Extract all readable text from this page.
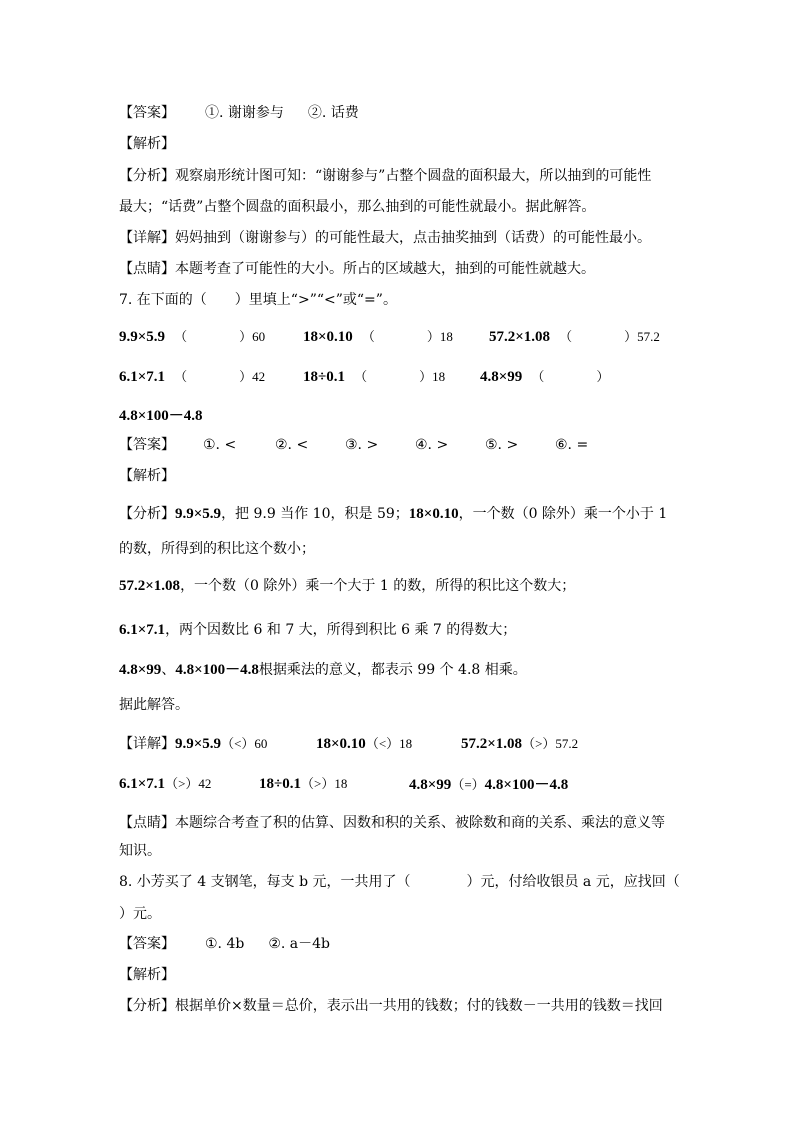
【答案】 ①. 谢谢参与 ②. 话费
【解析】
【分析】观察扇形统计图可知：“谢谢参与”占整个圆盘的面积最大，所以抽到的可能性
最大；“话费”占整个圆盘的面积最小，那么抽到的可能性就最小。据此解答。
【详解】妈妈抽到（谢谢参与）的可能性最大，点击抽奖抽到（话费）的可能性最小。
【点睛】本题考查了可能性的大小。所占的区域越大，抽到的可能性就越大。
7. 在下面的（　　）里填上“>”“<”或“=”。
9.9×5.9 （　　　　）60	18×0.10 （　　　　）18 57.2×1.08 （　　　　）57.2
6.1×7.1 （　　　　）42	18÷0.1 （　　　　）18 4.8×99 （　　　　）
4.8×100－4.8
【答案】 ①. <	②. <	③. >	④. >	⑤. >	⑥. =
【解析】
【分析】9.9×5.9，把 9.9 当作 10，积是 59；18×0.10，一个数（0 除外）乘一个小于 1
的数，所得到的积比这个数小；
57.2×1.08，一个数（0 除外）乘一个大于 1 的数，所得的积比这个数大；
6.1×7.1，两个因数比 6 和 7 大，所得到积比 6 乘 7 的得数大；
4.8×99、4.8×100－4.8根据乘法的意义，都表示 99 个 4.8 相乘。
据此解答。
【详解】9.9×5.9（<）60	18×0.10（<）18	57.2×1.08（>）57.2
6.1×7.1（>）42	18÷0.1（>）18	4.8×99（=）4.8×100－4.8
【点睛】本题综合考查了积的估算、因数和积的关系、被除数和商的关系、乘法的意义等
知识。
8. 小芳买了 4 支钢笔，每支 b 元，一共用了（　　　　）元，付给收银员 a 元，应找回（
）元。
【答案】 ①. 4b ②. a－4b
【解析】
【分析】根据单价×数量＝总价，表示出一共用的钱数；付的钱数－一共用的钱数＝找回
